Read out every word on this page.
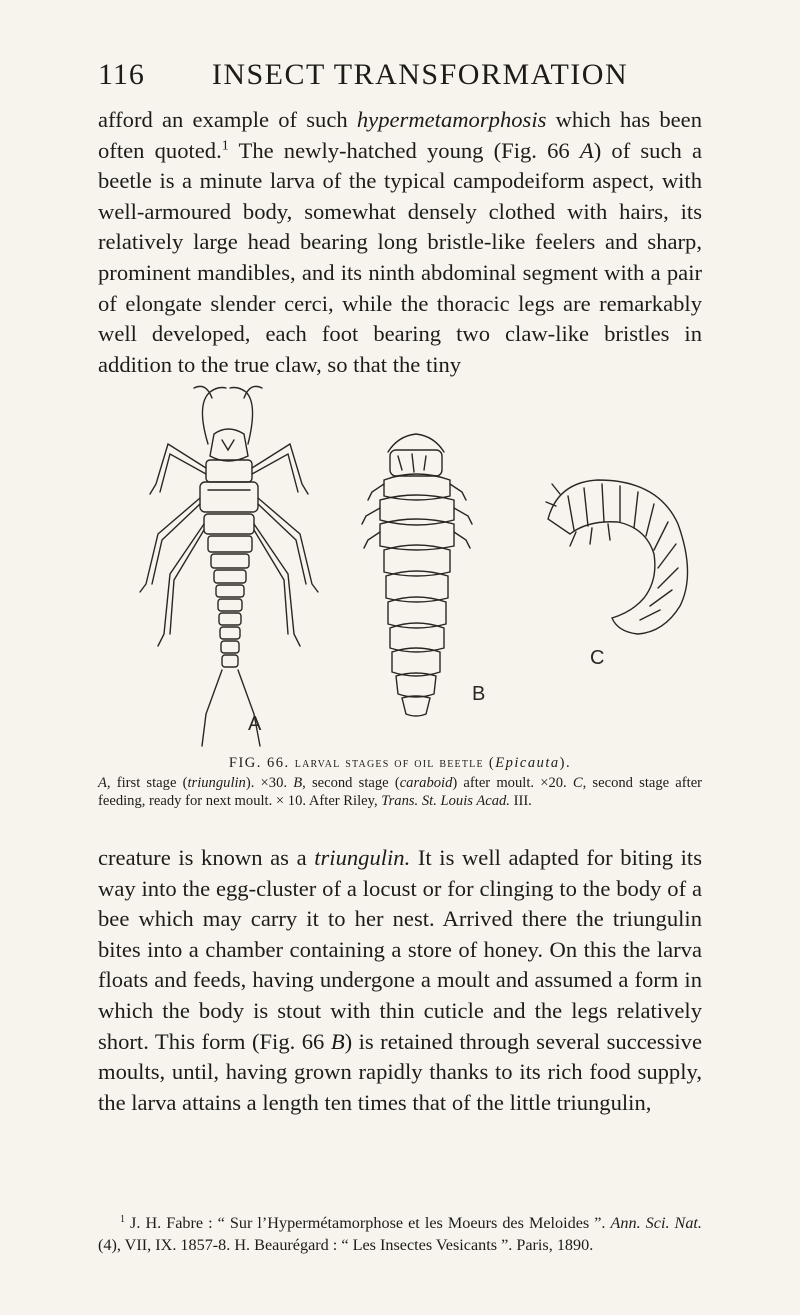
116	INSECT TRANSFORMATION

afford an example of such hypermetamorphosis which has been often quoted.$^1$ The newly-hatched young (Fig. 66 A) of such a beetle is a minute larva of the typical campodeiform aspect, with well-armoured body, somewhat densely clothed with hairs, its relatively large head bearing long bristle-like feelers and sharp, prominent mandibles, and its ninth abdominal segment with a pair of elongate slender cerci, while the thoracic legs are remarkably well developed, each foot bearing two claw-like bristles in addition to the true claw, so that the tiny

A
B
C
FIG. 66. larval stages of oil beetle (Epicauta).
A, first stage (triungulin). ×30. B, second stage (caraboid) after moult. ×20. C, second stage after feeding, ready for next moult. × 10. After Riley, Trans. St. Louis Acad. III.

creature is known as a triungulin. It is well adapted for biting its way into the egg-cluster of a locust or for clinging to the body of a bee which may carry it to her nest. Arrived there the triungulin bites into a chamber containing a store of honey. On this the larva floats and feeds, having undergone a moult and assumed a form in which the body is stout with thin cuticle and the legs relatively short. This form (Fig. 66 B) is retained through several successive moults, until, having grown rapidly thanks to its rich food supply, the larva attains a length ten times that of the little triungulin,

$^1$ J. H. Fabre : “ Sur l’Hypermétamorphose et les Moeurs des Meloides ”. Ann. Sci. Nat. (4), VII, IX. 1857-8. H. Beaurégard : “ Les Insectes Vesicants ”. Paris, 1890.
